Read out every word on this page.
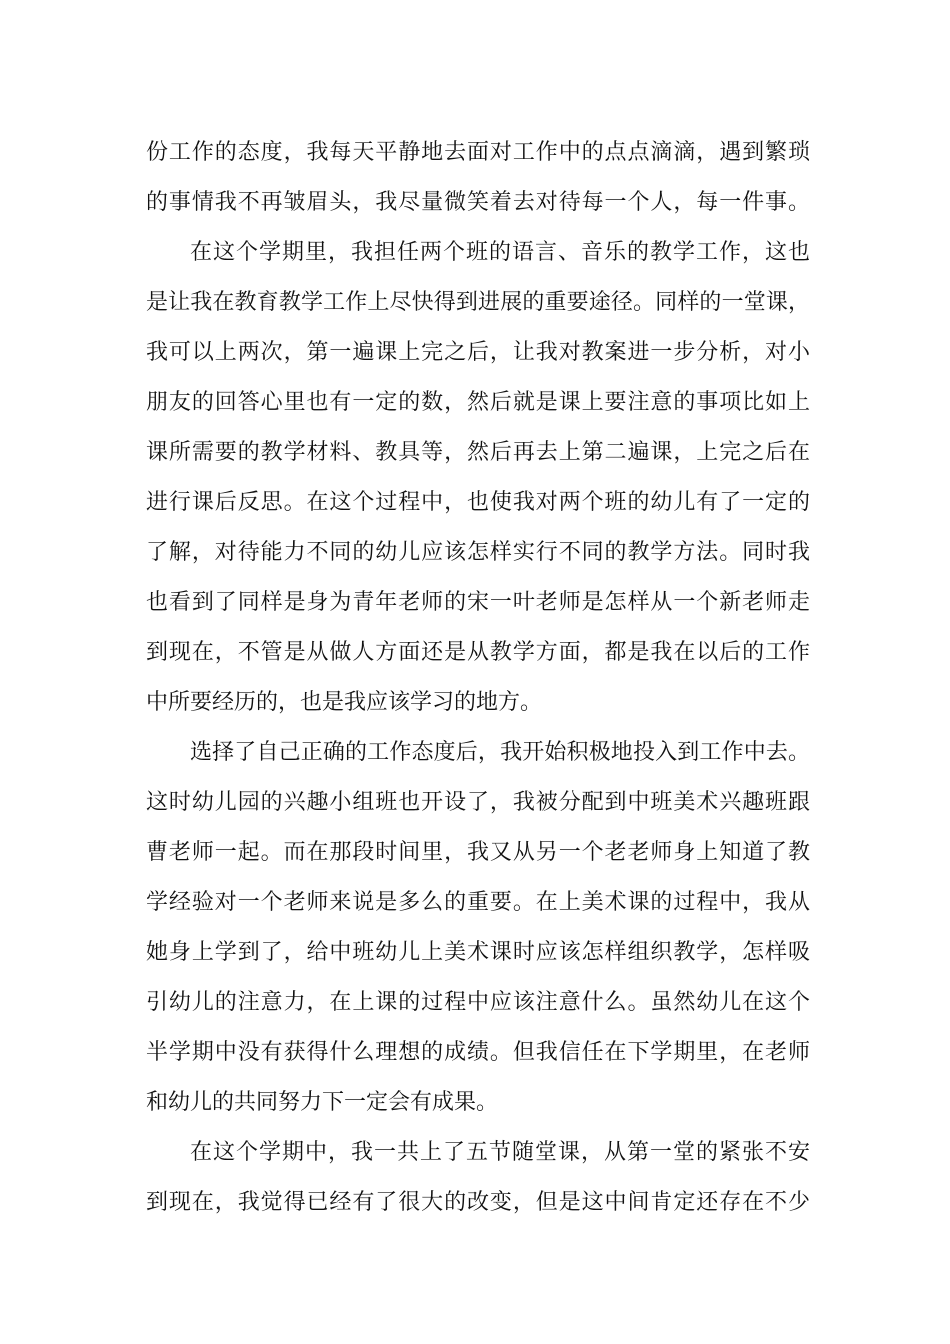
份工作的态度，我每天平静地去面对工作中的点点滴滴，遇到繁琐
的事情我不再皱眉头，我尽量微笑着去对待每一个人，每一件事。
在这个学期里，我担任两个班的语言、音乐的教学工作，这也
是让我在教育教学工作上尽快得到进展的重要途径。同样的一堂课，
我可以上两次，第一遍课上完之后，让我对教案进一步分析，对小
朋友的回答心里也有一定的数，然后就是课上要注意的事项比如上
课所需要的教学材料、教具等，然后再去上第二遍课，上完之后在
进行课后反思。在这个过程中，也使我对两个班的幼儿有了一定的
了解，对待能力不同的幼儿应该怎样实行不同的教学方法。同时我
也看到了同样是身为青年老师的宋一叶老师是怎样从一个新老师走
到现在，不管是从做人方面还是从教学方面，都是我在以后的工作
中所要经历的，也是我应该学习的地方。
选择了自己正确的工作态度后，我开始积极地投入到工作中去。
这时幼儿园的兴趣小组班也开设了，我被分配到中班美术兴趣班跟
曹老师一起。而在那段时间里，我又从另一个老老师身上知道了教
学经验对一个老师来说是多么的重要。在上美术课的过程中，我从
她身上学到了，给中班幼儿上美术课时应该怎样组织教学，怎样吸
引幼儿的注意力，在上课的过程中应该注意什么。虽然幼儿在这个
半学期中没有获得什么理想的成绩。但我信任在下学期里，在老师
和幼儿的共同努力下一定会有成果。
在这个学期中，我一共上了五节随堂课，从第一堂的紧张不安
到现在，我觉得已经有了很大的改变，但是这中间肯定还存在不少
